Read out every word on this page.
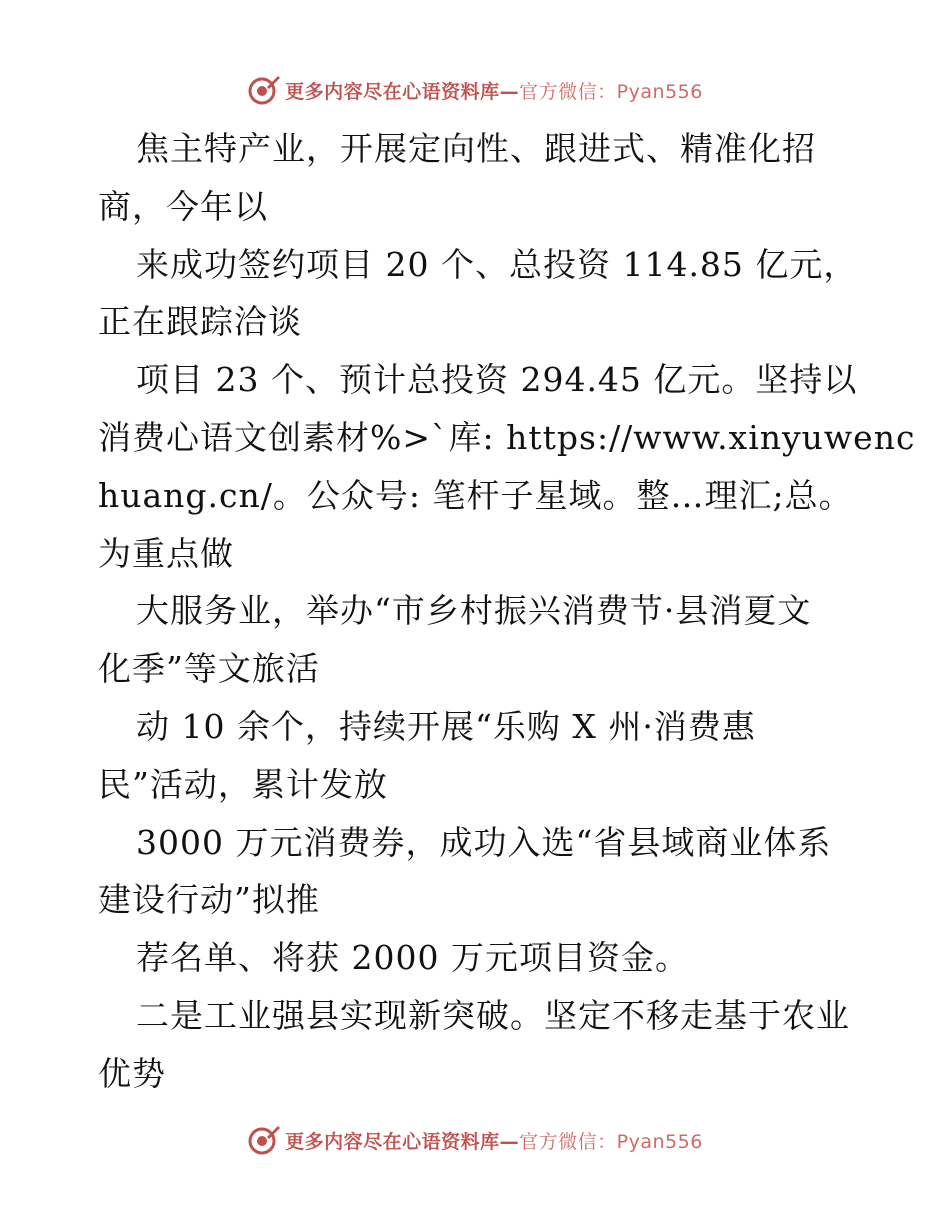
更多内容尽在心语资料库—官方微信：Pyan556
焦主特产业，开展定向性、跟进式、精准化招
商，今年以
来成功签约项目 20 个、总投资 114.85 亿元，
正在跟踪洽谈
项目 23 个、预计总投资 294.45 亿元。坚持以
消费心语文创素材%>`库: https://www.xinyuwenc
huang.cn/。公众号: 笔杆子星域。整…理汇;总。
为重点做
大服务业，举办“市乡村振兴消费节·县消夏文
化季”等文旅活
动 10 余个，持续开展“乐购 X 州·消费惠
民”活动，累计发放
3000 万元消费券，成功入选“省县域商业体系
建设行动”拟推
荐名单、将获 2000 万元项目资金。
二是工业强县实现新突破。坚定不移走基于农业
优势
更多内容尽在心语资料库—官方微信：Pyan556
